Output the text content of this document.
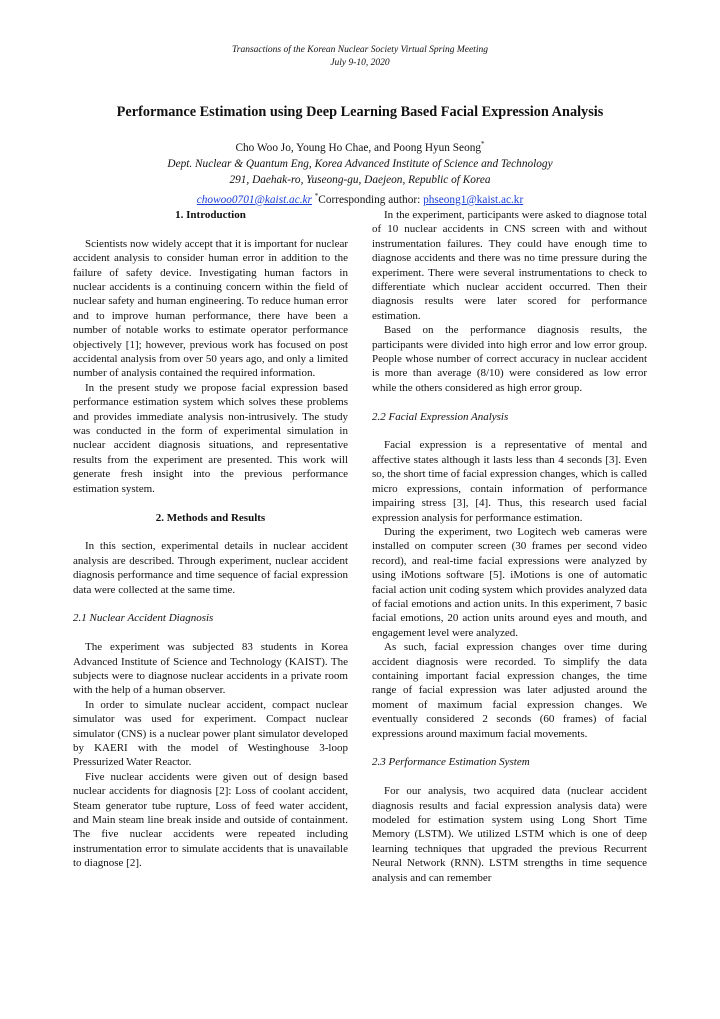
Transactions of the Korean Nuclear Society Virtual Spring Meeting
July 9-10, 2020
Performance Estimation using Deep Learning Based Facial Expression Analysis
Cho Woo Jo, Young Ho Chae, and Poong Hyun Seong*
Dept. Nuclear & Quantum Eng, Korea Advanced Institute of Science and Technology
291, Daehak-ro, Yuseong-gu, Daejeon, Republic of Korea
chowoo0701@kaist.ac.kr *Corresponding author: phseong1@kaist.ac.kr
1. Introduction

Scientists now widely accept that it is important for nuclear accident analysis to consider human error in addition to the failure of safety device. Investigating human factors in nuclear accidents is a continuing concern within the field of nuclear safety and human engineering. To reduce human error and to improve human performance, there have been a number of notable works to estimate operator performance objectively [1]; however, previous work has focused on post accidental analysis from over 50 years ago, and only a limited number of analysis contained the required information.

In the present study we propose facial expression based performance estimation system which solves these problems and provides immediate analysis non-intrusively. The study was conducted in the form of experimental simulation in nuclear accident diagnosis situations, and representative results from the experiment are presented. This work will generate fresh insight into the previous performance estimation system.

2. Methods and Results

In this section, experimental details in nuclear accident analysis are described. Through experiment, nuclear accident diagnosis performance and time sequence of facial expression data were collected at the same time.

2.1 Nuclear Accident Diagnosis

The experiment was subjected 83 students in Korea Advanced Institute of Science and Technology (KAIST). The subjects were to diagnose nuclear accidents in a private room with the help of a human observer.

In order to simulate nuclear accident, compact nuclear simulator was used for experiment. Compact nuclear simulator (CNS) is a nuclear power plant simulator developed by KAERI with the model of Westinghouse 3-loop Pressurized Water Reactor.

Five nuclear accidents were given out of design based nuclear accidents for diagnosis [2]: Loss of coolant accident, Steam generator tube rupture, Loss of feed water accident, and Main steam line break inside and outside of containment. The five nuclear accidents were repeated including instrumentation error to simulate accidents that is unavailable to diagnose [2].

In the experiment, participants were asked to diagnose total of 10 nuclear accidents in CNS screen with and without instrumentation failures. They could have enough time to diagnose accidents and there was no time pressure during the experiment. There were several instrumentations to check to differentiate which nuclear accident occurred. Then their diagnosis results were later scored for performance estimation.

Based on the performance diagnosis results, the participants were divided into high error and low error group. People whose number of correct accuracy in nuclear accident is more than average (8/10) were considered as low error while the others considered as high error group.

2.2 Facial Expression Analysis

Facial expression is a representative of mental and affective states although it lasts less than 4 seconds [3]. Even so, the short time of facial expression changes, which is called micro expressions, contain information of performance impairing stress [3], [4]. Thus, this research used facial expression analysis for performance estimation.

During the experiment, two Logitech web cameras were installed on computer screen (30 frames per second video record), and real-time facial expressions were analyzed by using iMotions software [5]. iMotions is one of automatic facial action unit coding system which provides analyzed data of facial emotions and action units. In this experiment, 7 basic facial emotions, 20 action units around eyes and mouth, and engagement level were analyzed.

As such, facial expression changes over time during accident diagnosis were recorded. To simplify the data containing important facial expression changes, the time range of facial expression was later adjusted around the moment of maximum facial expression changes. We eventually considered 2 seconds (60 frames) of facial expressions around maximum facial movements.

2.3 Performance Estimation System

For our analysis, two acquired data (nuclear accident diagnosis results and facial expression analysis data) were modeled for estimation system using Long Short Time Memory (LSTM). We utilized LSTM which is one of deep learning techniques that upgraded the previous Recurrent Neural Network (RNN). LSTM strengths in time sequence analysis and can remember
